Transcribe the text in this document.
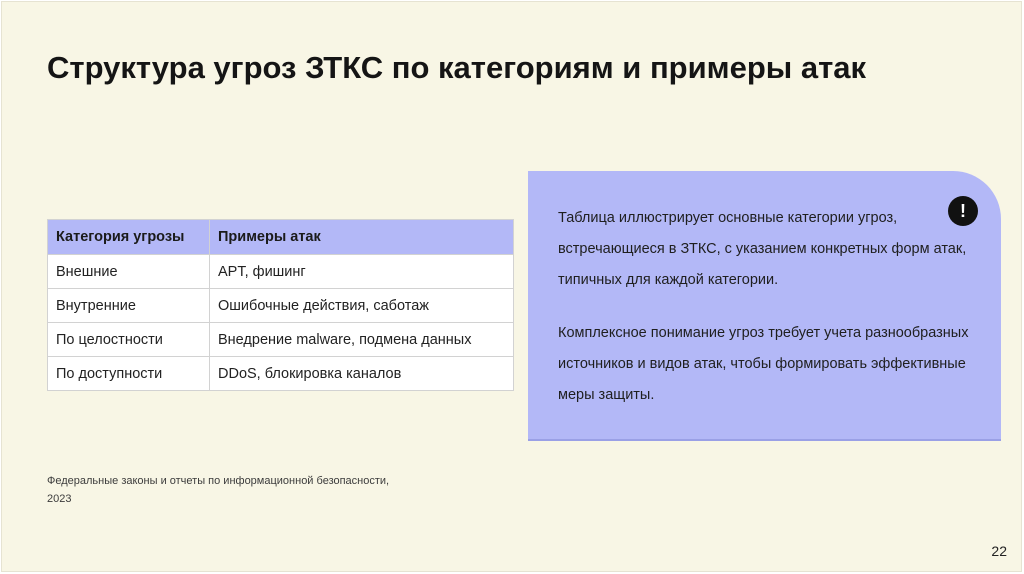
Структура угроз ЗТКС по категориям и примеры атак
Категория угрозы	Примеры атак
Внешние	APT, фишинг
Внутренние	Ошибочные действия, саботаж
По целостности	Внедрение malware, подмена данных
По доступности	DDoS, блокировка каналов
!

Таблица иллюстрирует основные категории угроз, встречающиеся в ЗТКС, с указанием конкретных форм атак, типичных для каждой категории.

Комплексное понимание угроз требует учета разнообразных источников и видов атак, чтобы формировать эффективные меры защиты.

Федеральные законы и отчеты по информационной безопасности,
2023
22
